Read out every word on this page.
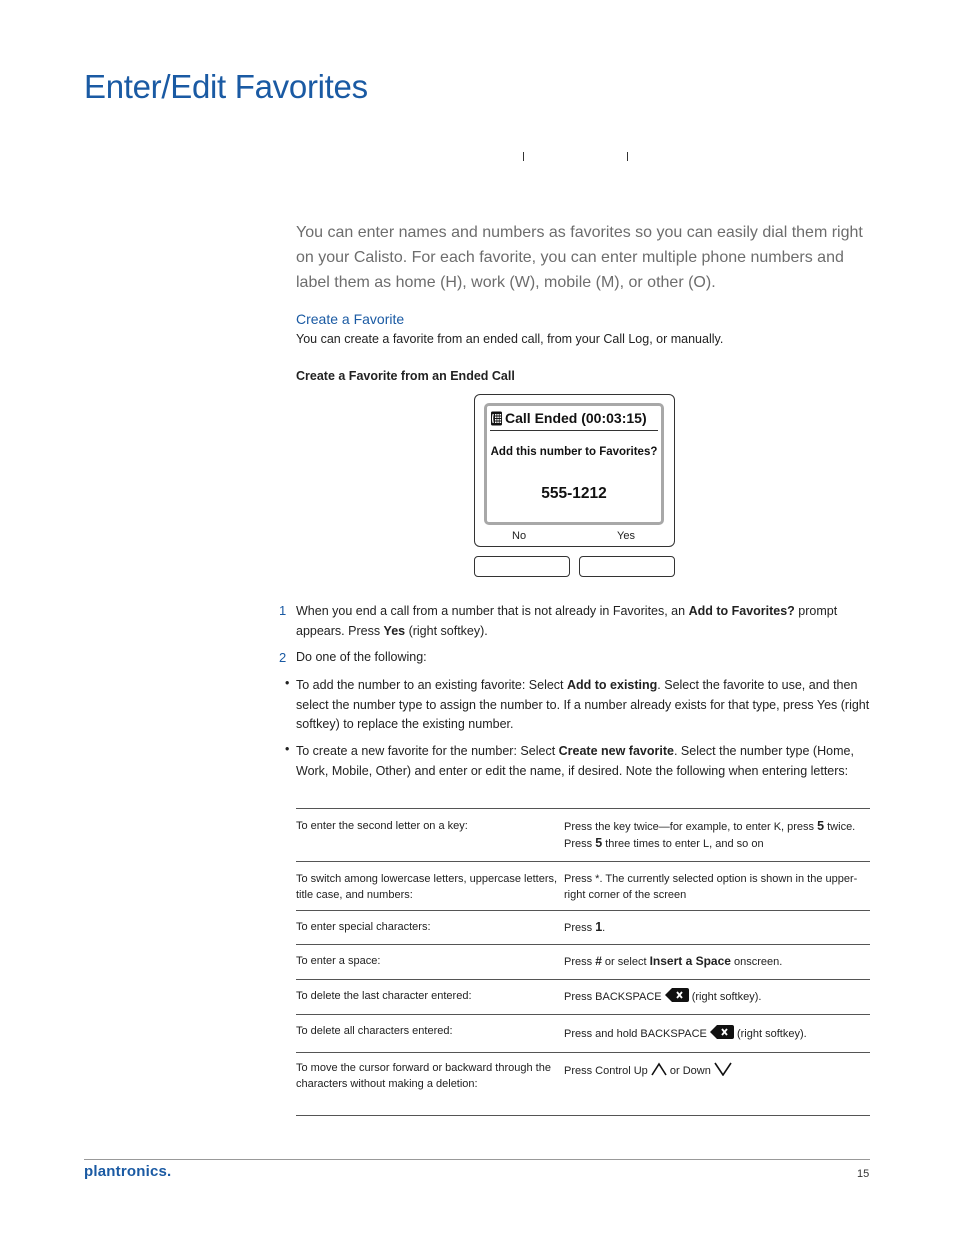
Enter/Edit Favorites
You can enter names and numbers as favorites so you can easily dial them right on your Calisto. For each favorite, you can enter multiple phone numbers and label them as home (H), work (W), mobile (M), or other (O).
Create a Favorite
You can create a favorite from an ended call, from your Call Log, or manually.
Create a Favorite from an Ended Call
Call Ended (00:03:15)
Add this number to Favorites?
555-1212
No	Yes
1 When you end a call from a number that is not already in Favorites, an Add to Favorites? prompt appears. Press Yes (right softkey).
2 Do one of the following:
• To add the number to an existing favorite: Select Add to existing. Select the favorite to use, and then select the number type to assign the number to. If a number already exists for that type, press Yes (right softkey) to replace the existing number.
• To create a new favorite for the number: Select Create new favorite. Select the number type (Home, Work, Mobile, Other) and enter or edit the name, if desired. Note the following when entering letters:
To enter the second letter on a key:	Press the key twice—for example, to enter K, press 5 twice. Press 5 three times to enter L, and so on
To switch among lowercase letters, uppercase letters, title case, and numbers:	Press *. The currently selected option is shown in the upper-right corner of the screen
To enter special characters:	Press 1.
To enter a space:	Press # or select Insert a Space onscreen.
To delete the last character entered:	Press BACKSPACE  (right softkey).
To delete all characters entered:	Press and hold BACKSPACE  (right softkey).
To move the cursor forward or backward through the characters without making a deletion:	Press Control Up  or Down
plantronics.	15
